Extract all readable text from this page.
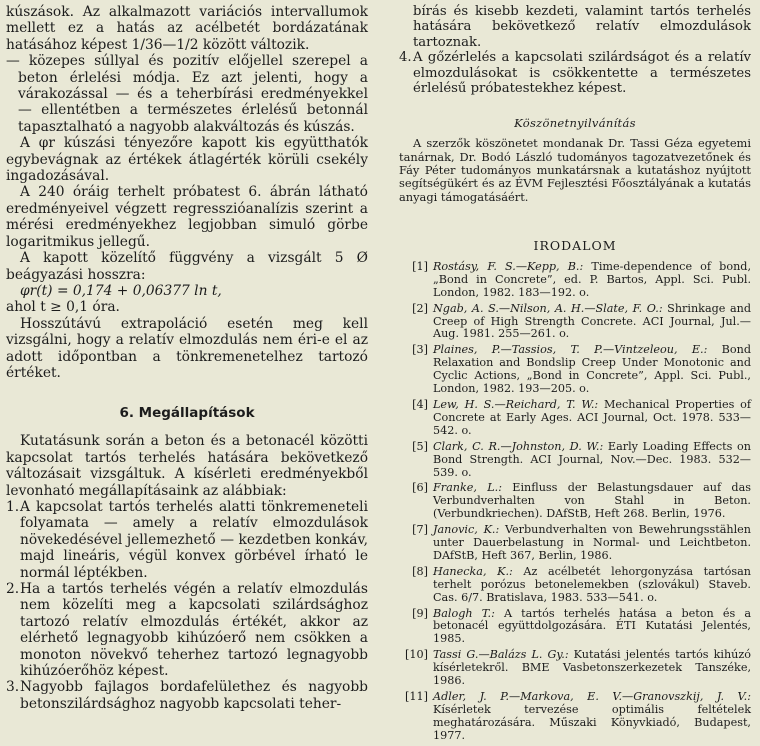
kúszások. Az alkalmazott variációs intervallumok mellett ez a hatás az acélbetét bordázatának hatásához képest 1/36—1/2 között változik.

— közepes súllyal és pozitív előjellel szerepel a beton érlelési módja. Ez azt jelenti, hogy a várakozással — és a teherbírási eredményekkel — ellentétben a természetes érlelésű betonnál tapasztalható a nagyobb alakváltozás és kúszás.

A φr kúszási tényezőre kapott kis együtthatók egybevágnak az értékek átlagérték körüli csekély ingadozásával.

A 240 óráig terhelt próbatest 6. ábrán látható eredményeivel végzett regresszióanalízis szerint a mérési eredményekhez legjobban simuló görbe logaritmikus jellegű.

A kapott közelítő függvény a vizsgált 5 Ø beágyazási hosszra:

φr(t) = 0,174 + 0,06377 ln t,

ahol t ≥ 0,1 óra.

Hosszútávú extrapoláció esetén meg kell vizsgálni, hogy a relatív elmozdulás nem éri-e el az adott időpontban a tönkremenetelhez tartozó értéket.

6. Megállapítások

Kutatásunk során a beton és a betonacél közötti kapcsolat tartós terhelés hatására bekövetkező változásait vizsgáltuk. A kísérleti eredményekből levonható megállapításaink az alábbiak:

1. A kapcsolat tartós terhelés alatti tönkremeneteli folyamata — amely a relatív elmozdulások növekedésével jellemezhető — kezdetben konkáv, majd lineáris, végül konvex görbével írható le normál léptékben.
2. Ha a tartós terhelés végén a relatív elmozdulás nem közelíti meg a kapcsolati szilárdsághoz tartozó relatív elmozdulás értékét, akkor az elérhető legnagyobb kihúzóerő nem csökken a monoton növekvő teherhez tartozó legnagyobb kihúzóerőhöz képest.
3. Nagyobb fajlagos bordafelülethez és nagyobb betonszilárdsághoz nagyobb kapcsolati teher-
bírás és kisebb kezdeti, valamint tartós terhelés hatására bekövetkező relatív elmozdulások tartoznak.
4. A gőzérlelés a kapcsolati szilárdságot és a relatív elmozdulásokat is csökkentette a természetes érlelésű próbatestekhez képest.
Köszönetnyilvánítás

A szerzők köszönetet mondanak Dr. Tassi Géza egyetemi tanárnak, Dr. Bodó László tudományos tagozatvezetőnek és Fáy Péter tudományos munkatársnak a kutatáshoz nyújtott segítségükért és az ÉVM Fejlesztési Főosztályának a kutatás anyagi támogatásáért.

IRODALOM
[1] Rostásy, F. S.—Kepp, B.: Time-dependence of bond, „Bond in Concrete”, ed. P. Bartos, Appl. Sci. Publ. London, 1982. 183—192. o.
[2] Ngab, A. S.—Nilson, A. H.—Slate, F. O.: Shrinkage and Creep of High Strength Concrete. ACI Journal, Jul.—Aug. 1981. 255—261. o.
[3] Plaines, P.—Tassios, T. P.—Vintzeleou, E.: Bond Relaxation and Bondslip Creep Under Monotonic and Cyclic Actions, „Bond in Concrete”, Appl. Sci. Publ., London, 1982. 193—205. o.
[4] Lew, H. S.—Reichard, T. W.: Mechanical Properties of Concrete at Early Ages. ACI Journal, Oct. 1978. 533—542. o.
[5] Clark, C. R.—Johnston, D. W.: Early Loading Effects on Bond Strength. ACI Journal, Nov.—Dec. 1983. 532—539. o.
[6] Franke, L.: Einfluss der Belastungsdauer auf das Verbundverhalten von Stahl in Beton. (Verbundkriechen). DAfStB, Heft 268. Berlin, 1976.
[7] Janovic, K.: Verbundverhalten von Bewehrungsstählen unter Dauerbelastung in Normal- und Leichtbeton. DAfStB, Heft 367, Berlin, 1986.
[8] Hanecka, K.: Az acélbetét lehorgonyzása tartósan terhelt porózus betonelemekben (szlovákul) Staveb. Cas. 6/7. Bratislava, 1983. 533—541. o.
[9] Balogh T.: A tartós terhelés hatása a beton és a betonacél együttdolgozására. ÉTI Kutatási Jelentés, 1985.
[10] Tassi G.—Balázs L. Gy.: Kutatási jelentés tartós kihúzó kísérletekről. BME Vasbetonszerkezetek Tanszéke, 1986.
[11] Adler, J. P.—Markova, E. V.—Granovszkij, J. V.: Kísérletek tervezése optimális feltételek meghatározására. Műszaki Könyvkiadó, Budapest, 1977.
